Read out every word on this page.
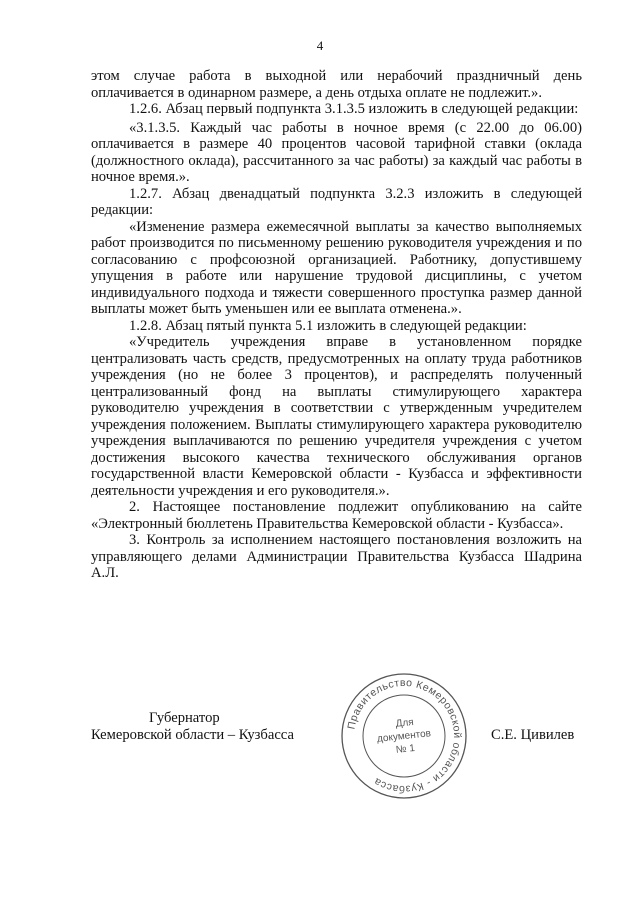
4

этом случае работа в выходной или нерабочий праздничный день оплачивается в одинарном размере, а день отдыха оплате не подлежит.».

1.2.6. Абзац первый подпункта 3.1.3.5 изложить в следующей редакции:

«3.1.3.5. Каждый час работы в ночное время (с 22.00 до 06.00) оплачивается в размере 40 процентов часовой тарифной ставки (оклада (должностного оклада), рассчитанного за час работы) за каждый час работы в ночное время.».

1.2.7. Абзац двенадцатый подпункта 3.2.3 изложить в следующей редакции:

«Изменение размера ежемесячной выплаты за качество выполняемых работ производится по письменному решению руководителя учреждения и по согласованию с профсоюзной организацией. Работнику, допустившему упущения в работе или нарушение трудовой дисциплины, с учетом индивидуального подхода и тяжести совершенного проступка размер данной выплаты может быть уменьшен или ее выплата отменена.».

1.2.8. Абзац пятый пункта 5.1 изложить в следующей редакции:

«Учредитель учреждения вправе в установленном порядке централизовать часть средств, предусмотренных на оплату труда работников учреждения (но не более 3 процентов), и распределять полученный централизованный фонд на выплаты стимулирующего характера руководителю учреждения в соответствии с утвержденным учредителем учреждения положением. Выплаты стимулирующего характера руководителю учреждения выплачиваются по решению учредителя учреждения с учетом достижения высокого качества технического обслуживания органов государственной власти Кемеровской области - Кузбасса и эффективности деятельности учреждения и его руководителя.».

2. Настоящее постановление подлежит опубликованию на сайте «Электронный бюллетень Правительства Кемеровской области - Кузбасса».

3. Контроль за исполнением настоящего постановления возложить на управляющего делами Администрации Правительства Кузбасса Шадрина А.Л.

Губернатор
Кемеровской области – Кузбасса
Правительство Кемеровской области - Кузбасса
Для
документов
№ 1
С.Е. Цивилев
